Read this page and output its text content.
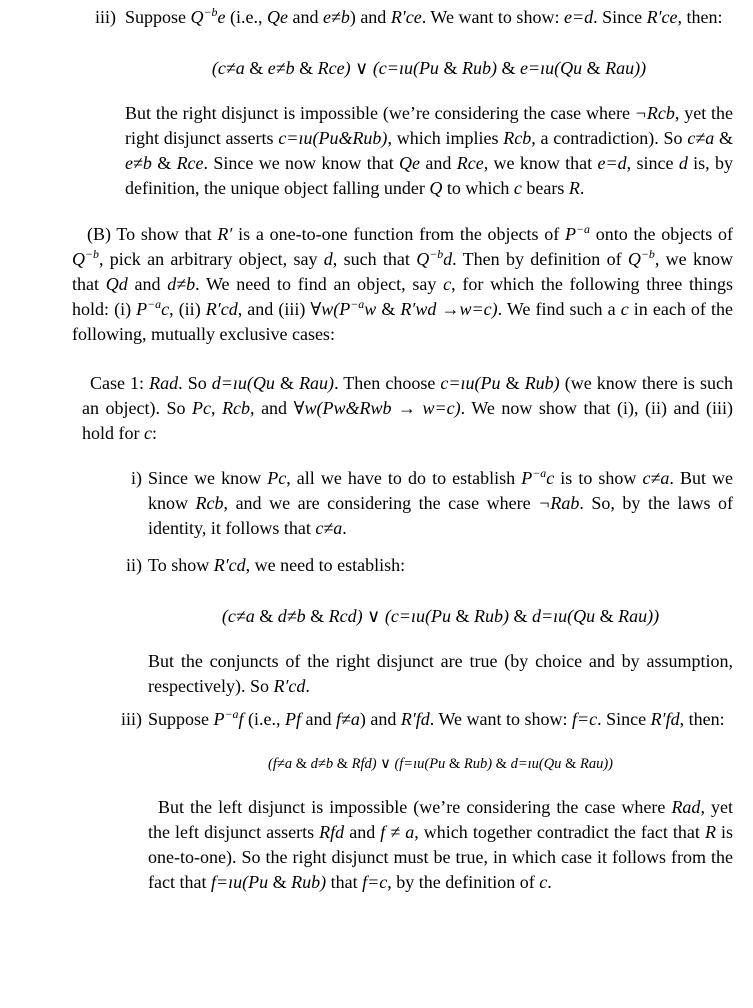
iii) Suppose $Q^{-b}e$ (i.e., Qe and e≠b) and R′ce. We want to show: e=d. Since R′ce, then:

(c≠a & e≠b & Rce) ∨ (c=ıu(Pu & Rub) & e=ıu(Qu & Rau))

But the right disjunct is impossible (we’re considering the case where ¬Rcb, yet the right disjunct asserts c=ıu(Pu&Rub), which implies Rcb, a contradiction). So c≠a & e≠b & Rce. Since we now know that Qe and Rce, we know that e=d, since d is, by definition, the unique object falling under Q to which c bears R.

(B) To show that R′ is a one-to-one function from the objects of $P^{-a}$ onto the objects of $Q^{-b}$, pick an arbitrary object, say d, such that $Q^{-b}d$. Then by definition of $Q^{-b}$, we know that Qd and d≠b. We need to find an object, say c, for which the following three things hold: (i) $P^{-a}c$, (ii) R′cd, and (iii) $\forall w(P^{-a}w$ & R′wd →w=c). We find such a c in each of the following, mutually exclusive cases:

Case 1: Rad. So d=ıu(Qu & Rau). Then choose c=ıu(Pu & Rub) (we know there is such an object). So Pc, Rcb, and ∀w(Pw&Rwb → w=c). We now show that (i), (ii) and (iii) hold for c:

i) Since we know Pc, all we have to do to establish $P^{-a}c$ is to show c≠a. But we know Rcb, and we are considering the case where ¬Rab. So, by the laws of identity, it follows that c≠a.

ii) To show R′cd, we need to establish:

(c≠a & d≠b & Rcd) ∨ (c=ıu(Pu & Rub) & d=ıu(Qu & Rau))

But the conjuncts of the right disjunct are true (by choice and by assumption, respectively). So R′cd.

iii) Suppose $P^{-a}f$ (i.e., Pf and f≠a) and R′fd. We want to show: f=c. Since R′fd, then:

(f≠a & d≠b & Rfd) ∨ (f=ıu(Pu & Rub) & d=ıu(Qu & Rau))

But the left disjunct is impossible (we’re considering the case where Rad, yet the left disjunct asserts Rfd and f ≠ a, which together contradict the fact that R is one-to-one). So the right disjunct must be true, in which case it follows from the fact that f=ıu(Pu & Rub) that f=c, by the definition of c.
